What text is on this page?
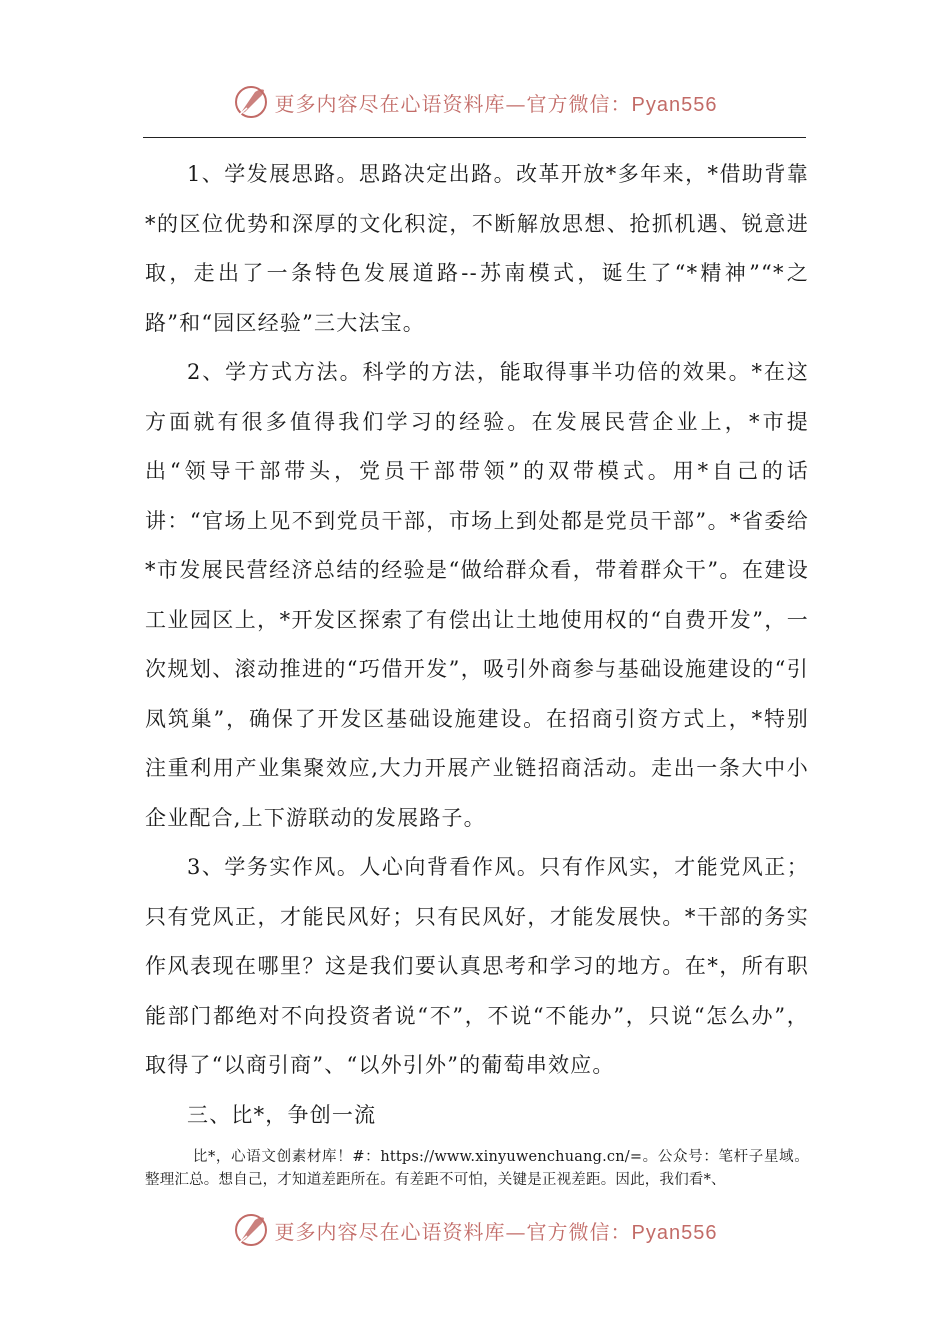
更多内容尽在心语资料库—官方微信：Pyan556

1、学发展思路。思路决定出路。改革开放*多年来，*借助背靠*的区位优势和深厚的文化积淀，不断解放思想、抢抓机遇、锐意进取，走出了一条特色发展道路--苏南模式，诞生了“*精神”“*之路”和“园区经验”三大法宝。

2、学方式方法。科学的方法，能取得事半功倍的效果。*在这方面就有很多值得我们学习的经验。在发展民营企业上，*市提出“领导干部带头，党员干部带领”的双带模式。用*自己的话讲：“官场上见不到党员干部，市场上到处都是党员干部”。*省委给*市发展民营经济总结的经验是“做给群众看，带着群众干”。在建设工业园区上，*开发区探索了有偿出让土地使用权的“自费开发”，一次规划、滚动推进的“巧借开发”，吸引外商参与基础设施建设的“引凤筑巢”，确保了开发区基础设施建设。在招商引资方式上，*特别注重利用产业集聚效应,大力开展产业链招商活动。走出一条大中小企业配合,上下游联动的发展路子。

3、学务实作风。人心向背看作风。只有作风实，才能党风正；只有党风正，才能民风好；只有民风好，才能发展快。*干部的务实作风表现在哪里？这是我们要认真思考和学习的地方。在*，所有职能部门都绝对不向投资者说“不”，不说“不能办”，只说“怎么办”，取得了“以商引商”、“以外引外”的葡萄串效应。

三、比*，争创一流

比*，心语文创素材库！#：https://www.xinyuwenchuang.cn/=。公众号：笔杆子星域。整理汇总。想自己，才知道差距所在。有差距不可怕，关键是正视差距。因此，我们看*、

更多内容尽在心语资料库—官方微信：Pyan556
